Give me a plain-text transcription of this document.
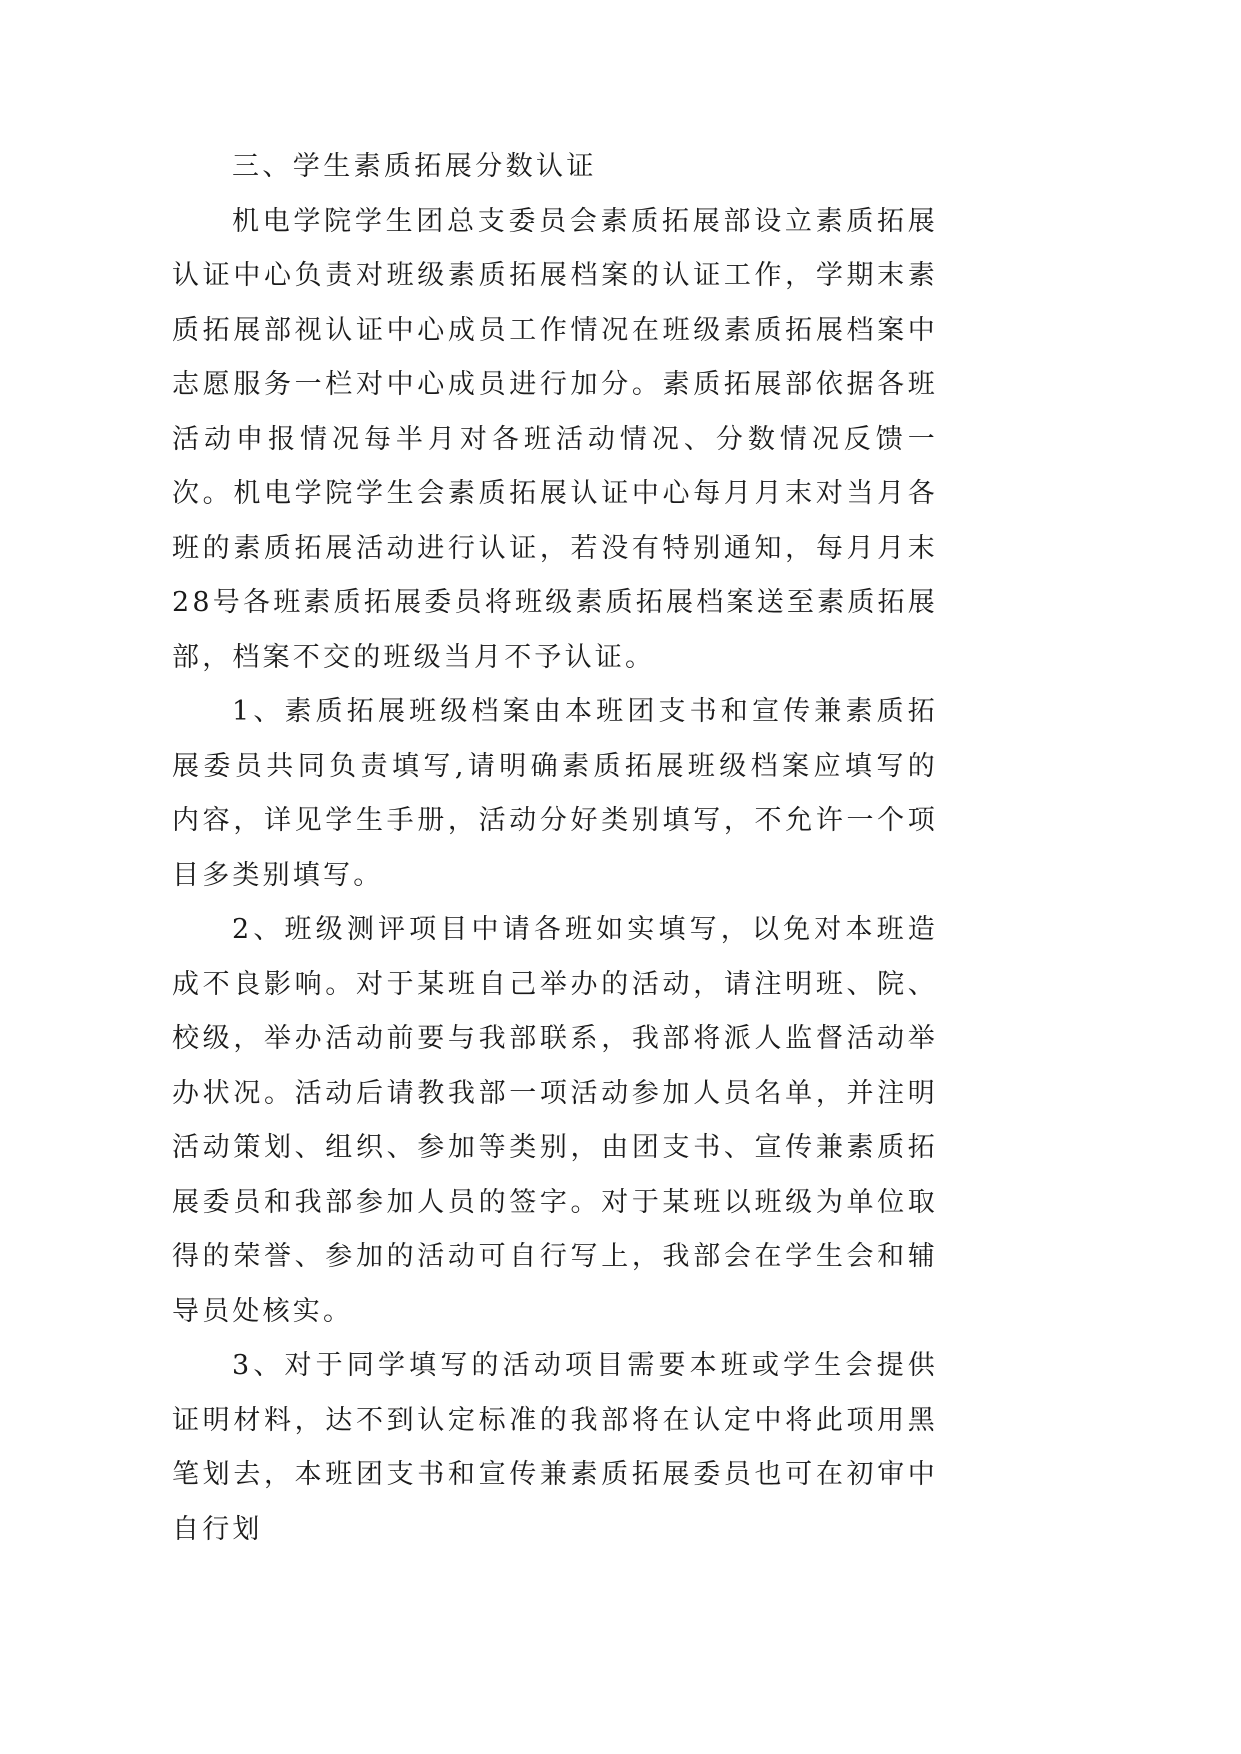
三、学生素质拓展分数认证

机电学院学生团总支委员会素质拓展部设立素质拓展认证中心负责对班级素质拓展档案的认证工作，学期末素质拓展部视认证中心成员工作情况在班级素质拓展档案中志愿服务一栏对中心成员进行加分。素质拓展部依据各班活动申报情况每半月对各班活动情况、分数情况反馈一次。机电学院学生会素质拓展认证中心每月月末对当月各班的素质拓展活动进行认证，若没有特别通知，每月月末28号各班素质拓展委员将班级素质拓展档案送至素质拓展部，档案不交的班级当月不予认证。

1、素质拓展班级档案由本班团支书和宣传兼素质拓展委员共同负责填写,请明确素质拓展班级档案应填写的内容，详见学生手册，活动分好类别填写，不允许一个项目多类别填写。

2、班级测评项目中请各班如实填写，以免对本班造成不良影响。对于某班自己举办的活动，请注明班、院、校级，举办活动前要与我部联系，我部将派人监督活动举办状况。活动后请教我部一项活动参加人员名单，并注明活动策划、组织、参加等类别，由团支书、宣传兼素质拓展委员和我部参加人员的签字。对于某班以班级为单位取得的荣誉、参加的活动可自行写上，我部会在学生会和辅导员处核实。

3、对于同学填写的活动项目需要本班或学生会提供证明材料，达不到认定标准的我部将在认定中将此项用黑笔划去，本班团支书和宣传兼素质拓展委员也可在初审中自行划
